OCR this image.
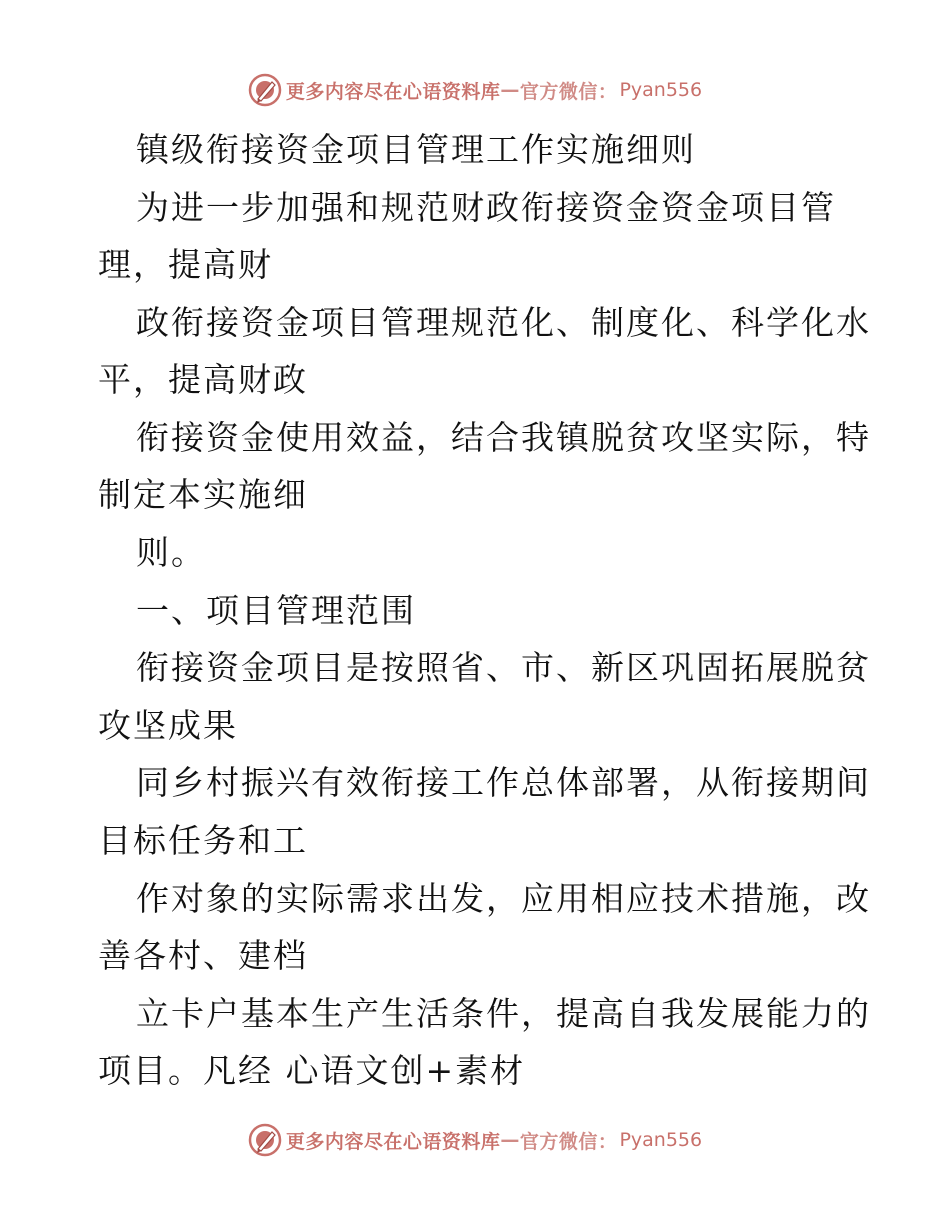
更多内容尽在心语资料库 — 官方微信： Pyan556
镇级衔接资金项目管理工作实施细则
为进一步加强和规范财政衔接资金资金项目管
理，提高财
政衔接资金项目管理规范化、制度化、科学化水
平，提高财政
衔接资金使用效益，结合我镇脱贫攻坚实际，特
制定本实施细
则。
一、项目管理范围
衔接资金项目是按照省、市、新区巩固拓展脱贫
攻坚成果
同乡村振兴有效衔接工作总体部署，从衔接期间
目标任务和工
作对象的实际需求出发，应用相应技术措施，改
善各村、建档
立卡户基本生产生活条件，提高自我发展能力的
项目。凡经 心语文创+素材
更多内容尽在心语资料库 — 官方微信： Pyan556
